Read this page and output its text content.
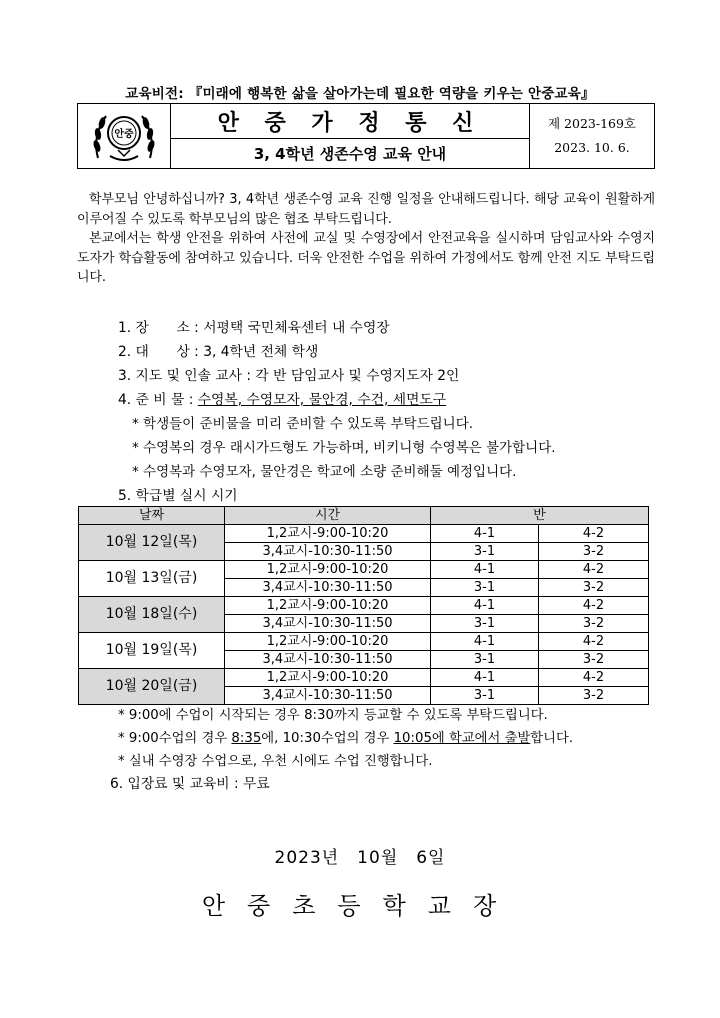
교육비전: 『미래에 행복한 삶을 살아가는데 필요한 역량을 키우는 안중교육』
안중	안 중 가 정 통 신
3, 4학년 생존수영 교육 안내
제 2023-169호
2023. 10. 6.

학부모님 안녕하십니까? 3, 4학년 생존수영 교육 진행 일정을 안내해드립니다. 해당 교육이 원활하게 이루어질 수 있도록 학부모님의 많은 협조 부탁드립니다.

본교에서는 학생 안전을 위하여 사전에 교실 및 수영장에서 안전교육을 실시하며 담임교사와 수영지도자가 학습활동에 참여하고 있습니다. 더욱 안전한 수업을 위하여 가정에서도 함께 안전 지도 부탁드립니다.

1. 장　　소 : 서평택 국민체육센터 내 수영장
2. 대　　상 : 3, 4학년 전체 학생
3. 지도 및 인솔 교사 : 각 반 담임교사 및 수영지도자 2인
4. 준 비 물 : 수영복, 수영모자, 물안경, 수건, 세면도구
* 학생들이 준비물을 미리 준비할 수 있도록 부탁드립니다.
* 수영복의 경우 래시가드형도 가능하며, 비키니형 수영복은 불가합니다.
* 수영복과 수영모자, 물안경은 학교에 소량 준비해둘 예정입니다.
5. 학급별 실시 시기
날짜	시간	반	
10월 12일(목)	1,2교시-9:00-10:20	4-1	4-2
	3,4교시-10:30-11:50	3-1	3-2
10월 13일(금)	1,2교시-9:00-10:20	4-1	4-2
	3,4교시-10:30-11:50	3-1	3-2
10월 18일(수)	1,2교시-9:00-10:20	4-1	4-2
	3,4교시-10:30-11:50	3-1	3-2
10월 19일(목)	1,2교시-9:00-10:20	4-1	4-2
	3,4교시-10:30-11:50	3-1	3-2
10월 20일(금)	1,2교시-9:00-10:20	4-1	4-2
	3,4교시-10:30-11:50	3-1	3-2
* 9:00에 수업이 시작되는 경우 8:30까지 등교할 수 있도록 부탁드립니다.
* 9:00수업의 경우 8:35에, 10:30수업의 경우 10:05에 학교에서 출발합니다.
* 실내 수영장 수업으로, 우천 시에도 수업 진행합니다.
6. 입장료 및 교육비 : 무료
2023년　10월　6일
안중초등학교장
